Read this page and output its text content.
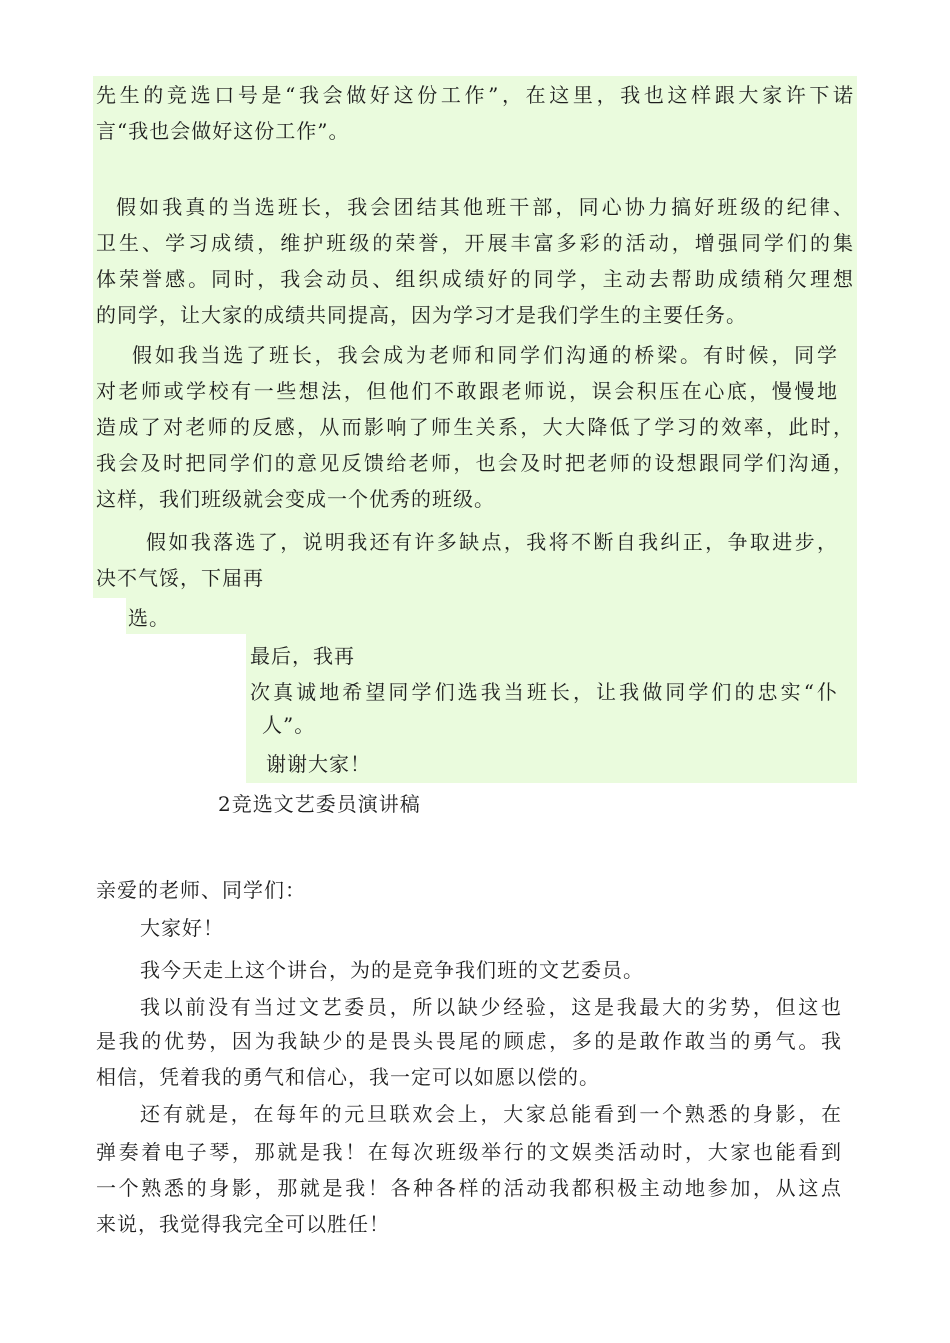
先生的竞选口号是“我会做好这份工作”，在这里，我也这样跟大家许下诺
言“我也会做好这份工作”。
假如我真的当选班长，我会团结其他班干部，同心协力搞好班级的纪律、
卫生、学习成绩，维护班级的荣誉，开展丰富多彩的活动，增强同学们的集
体荣誉感。同时，我会动员、组织成绩好的同学，主动去帮助成绩稍欠理想
的同学，让大家的成绩共同提高，因为学习才是我们学生的主要任务。
假如我当选了班长，我会成为老师和同学们沟通的桥梁。有时候，同学
对老师或学校有一些想法，但他们不敢跟老师说，误会积压在心底，慢慢地
造成了对老师的反感，从而影响了师生关系，大大降低了学习的效率，此时，
我会及时把同学们的意见反馈给老师，也会及时把老师的设想跟同学们沟通，
这样，我们班级就会变成一个优秀的班级。
假如我落选了，说明我还有许多缺点，我将不断自我纠正，争取进步，
决不气馁，下届再
选。
最后，我再
次真诚地希望同学们选我当班长，让我做同学们的忠实“仆
人”。
谢谢大家！
2竞选文艺委员演讲稿
亲爱的老师、同学们：
大家好！
我今天走上这个讲台，为的是竞争我们班的文艺委员。
我以前没有当过文艺委员，所以缺少经验，这是我最大的劣势，但这也
是我的优势，因为我缺少的是畏头畏尾的顾虑，多的是敢作敢当的勇气。我
相信，凭着我的勇气和信心，我一定可以如愿以偿的。
还有就是，在每年的元旦联欢会上，大家总能看到一个熟悉的身影，在
弹奏着电子琴，那就是我！在每次班级举行的文娱类活动时，大家也能看到
一个熟悉的身影，那就是我！各种各样的活动我都积极主动地参加，从这点
来说，我觉得我完全可以胜任！
